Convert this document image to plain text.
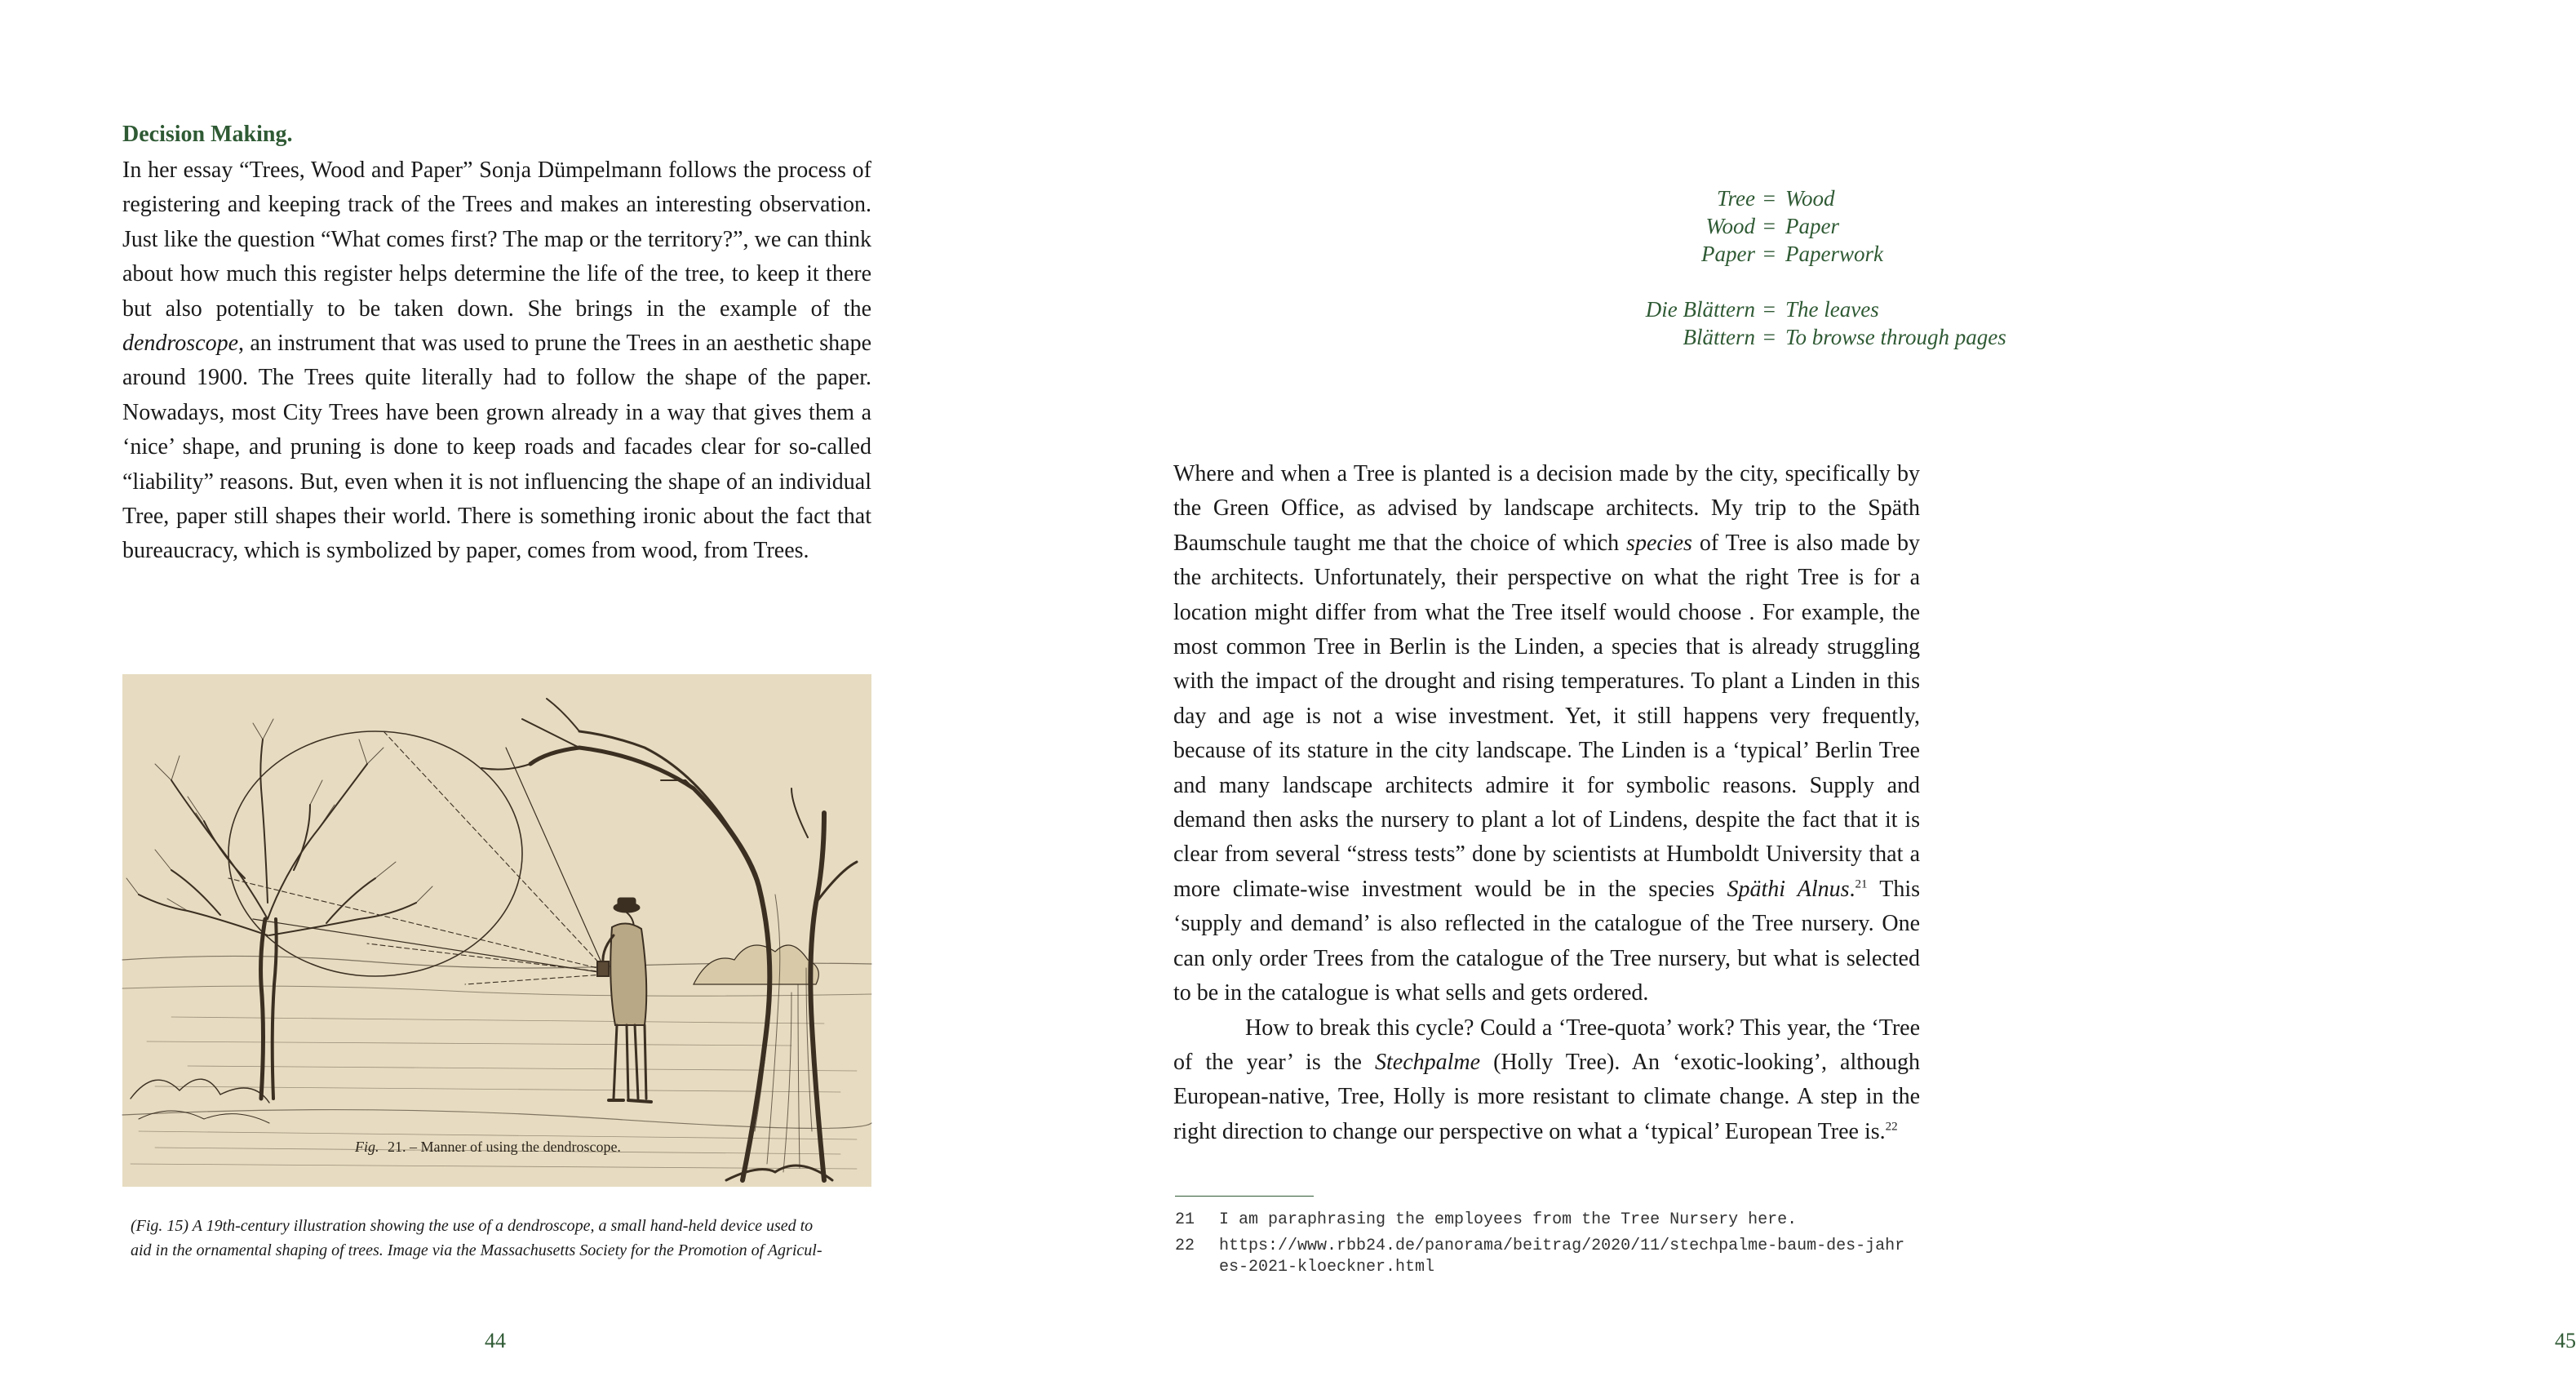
Decision Making.

In her essay “Trees, Wood and Paper” Sonja Dümpelmann follows the process of registering and keeping track of the Trees and makes an interesting observation. Just like the question “What comes first? The map or the territory?”, we can think about how much this register helps determine the life of the tree, to keep it there but also potentially to be taken down. She brings in the example of the dendroscope, an instrument that was used to prune the Trees in an aesthetic shape around 1900. The Trees quite literally had to follow the shape of the paper. Nowadays, most City Trees have been grown already in a way that gives them a ‘nice’ shape, and pruning is done to keep roads and facades clear for so-called “liability” reasons. But, even when it is not influencing the shape of an individual Tree, paper still shapes their world. There is something ironic about the fact that bureaucracy, which is symbolized by paper, comes from wood, from Trees.

Fig. 21. – Manner of using the dendroscope.
(Fig. 15) A 19th-century illustration showing the use of a dendroscope, a small hand-held device used to
aid in the ornamental shaping of trees. Image via the Massachusetts Society for the Promotion of Agricul-
44
Tree = Wood
Wood = Paper
Paper = Paperwork
Die Blättern = The leaves
Blättern = To browse through pages

Where and when a Tree is planted is a decision made by the city, specifically by the Green Office, as advised by landscape architects. My trip to the Späth Baumschule taught me that the choice of which species of Tree is also made by the architects. Unfortunately, their perspective on what the right Tree is for a location might differ from what the Tree itself would choose . For example, the most common Tree in Berlin is the Linden, a species that is already struggling with the impact of the drought and rising temperatures. To plant a Linden in this day and age is not a wise investment. Yet, it still happens very frequently, because of its stature in the city landscape. The Linden is a ‘typical’ Berlin Tree and many landscape architects admire it for symbolic reasons. Supply and demand then asks the nursery to plant a lot of Lindens, despite the fact that it is clear from several “stress tests” done by scientists at Humboldt University that a more climate-wise investment would be in the species Späthi Alnus.$^{21}$ This ‘supply and demand’ is also reflected in the catalogue of the Tree nursery. One can only order Trees from the catalogue of the Tree nursery, but what is selected to be in the catalogue is what sells and gets ordered.

How to break this cycle? Could a ‘Tree-quota’ work? This year, the ‘Tree of the year’ is the Stechpalme (Holly Tree). An ‘exotic-looking’, although European-native, Tree, Holly is more resistant to climate change. A step in the right direction to change our perspective on what a ‘typical’ European Tree is.$^{22}$

21	I am paraphrasing the employees from the Tree Nursery here.
22	https://www.rbb24.de/panorama/beitrag/2020/11/stechpalme-baum-des-jahres-2021-kloeckner.html
45
